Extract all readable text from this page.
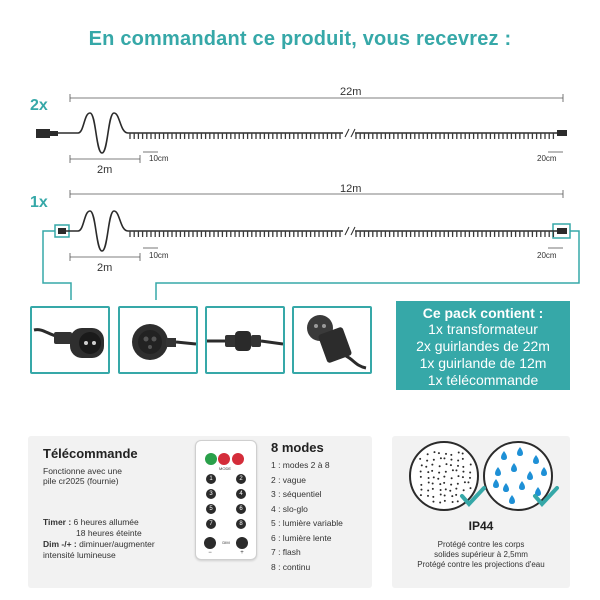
En commandant ce produit, vous recevrez :
2x
22m
2m
10cm	20cm
1x
12m
2m
10cm	20cm
Ce pack contient :
1x transformateur
2x guirlandes de 22m
1x guirlande de 12m
1x télécommande
Télécommande
Fonctionne avec une
pile cr2025 (fournie)
Timer : 6 heures allumée
18 heures éteinte
Dim -/+ : diminuer/augmenter
intensité lumineuse
MODE
1	2
3	4
5	6
7	8
DIM
−	+
8 modes
1 : modes 2 à 8
2 : vague
3 : séquentiel
4 : slo-glo
5 : lumière variable
6 : lumière lente
7 : flash
8 : continu
IP44
Protégé contre les corps
solides supérieur à 2,5mm
Protégé contre les projections d'eau
